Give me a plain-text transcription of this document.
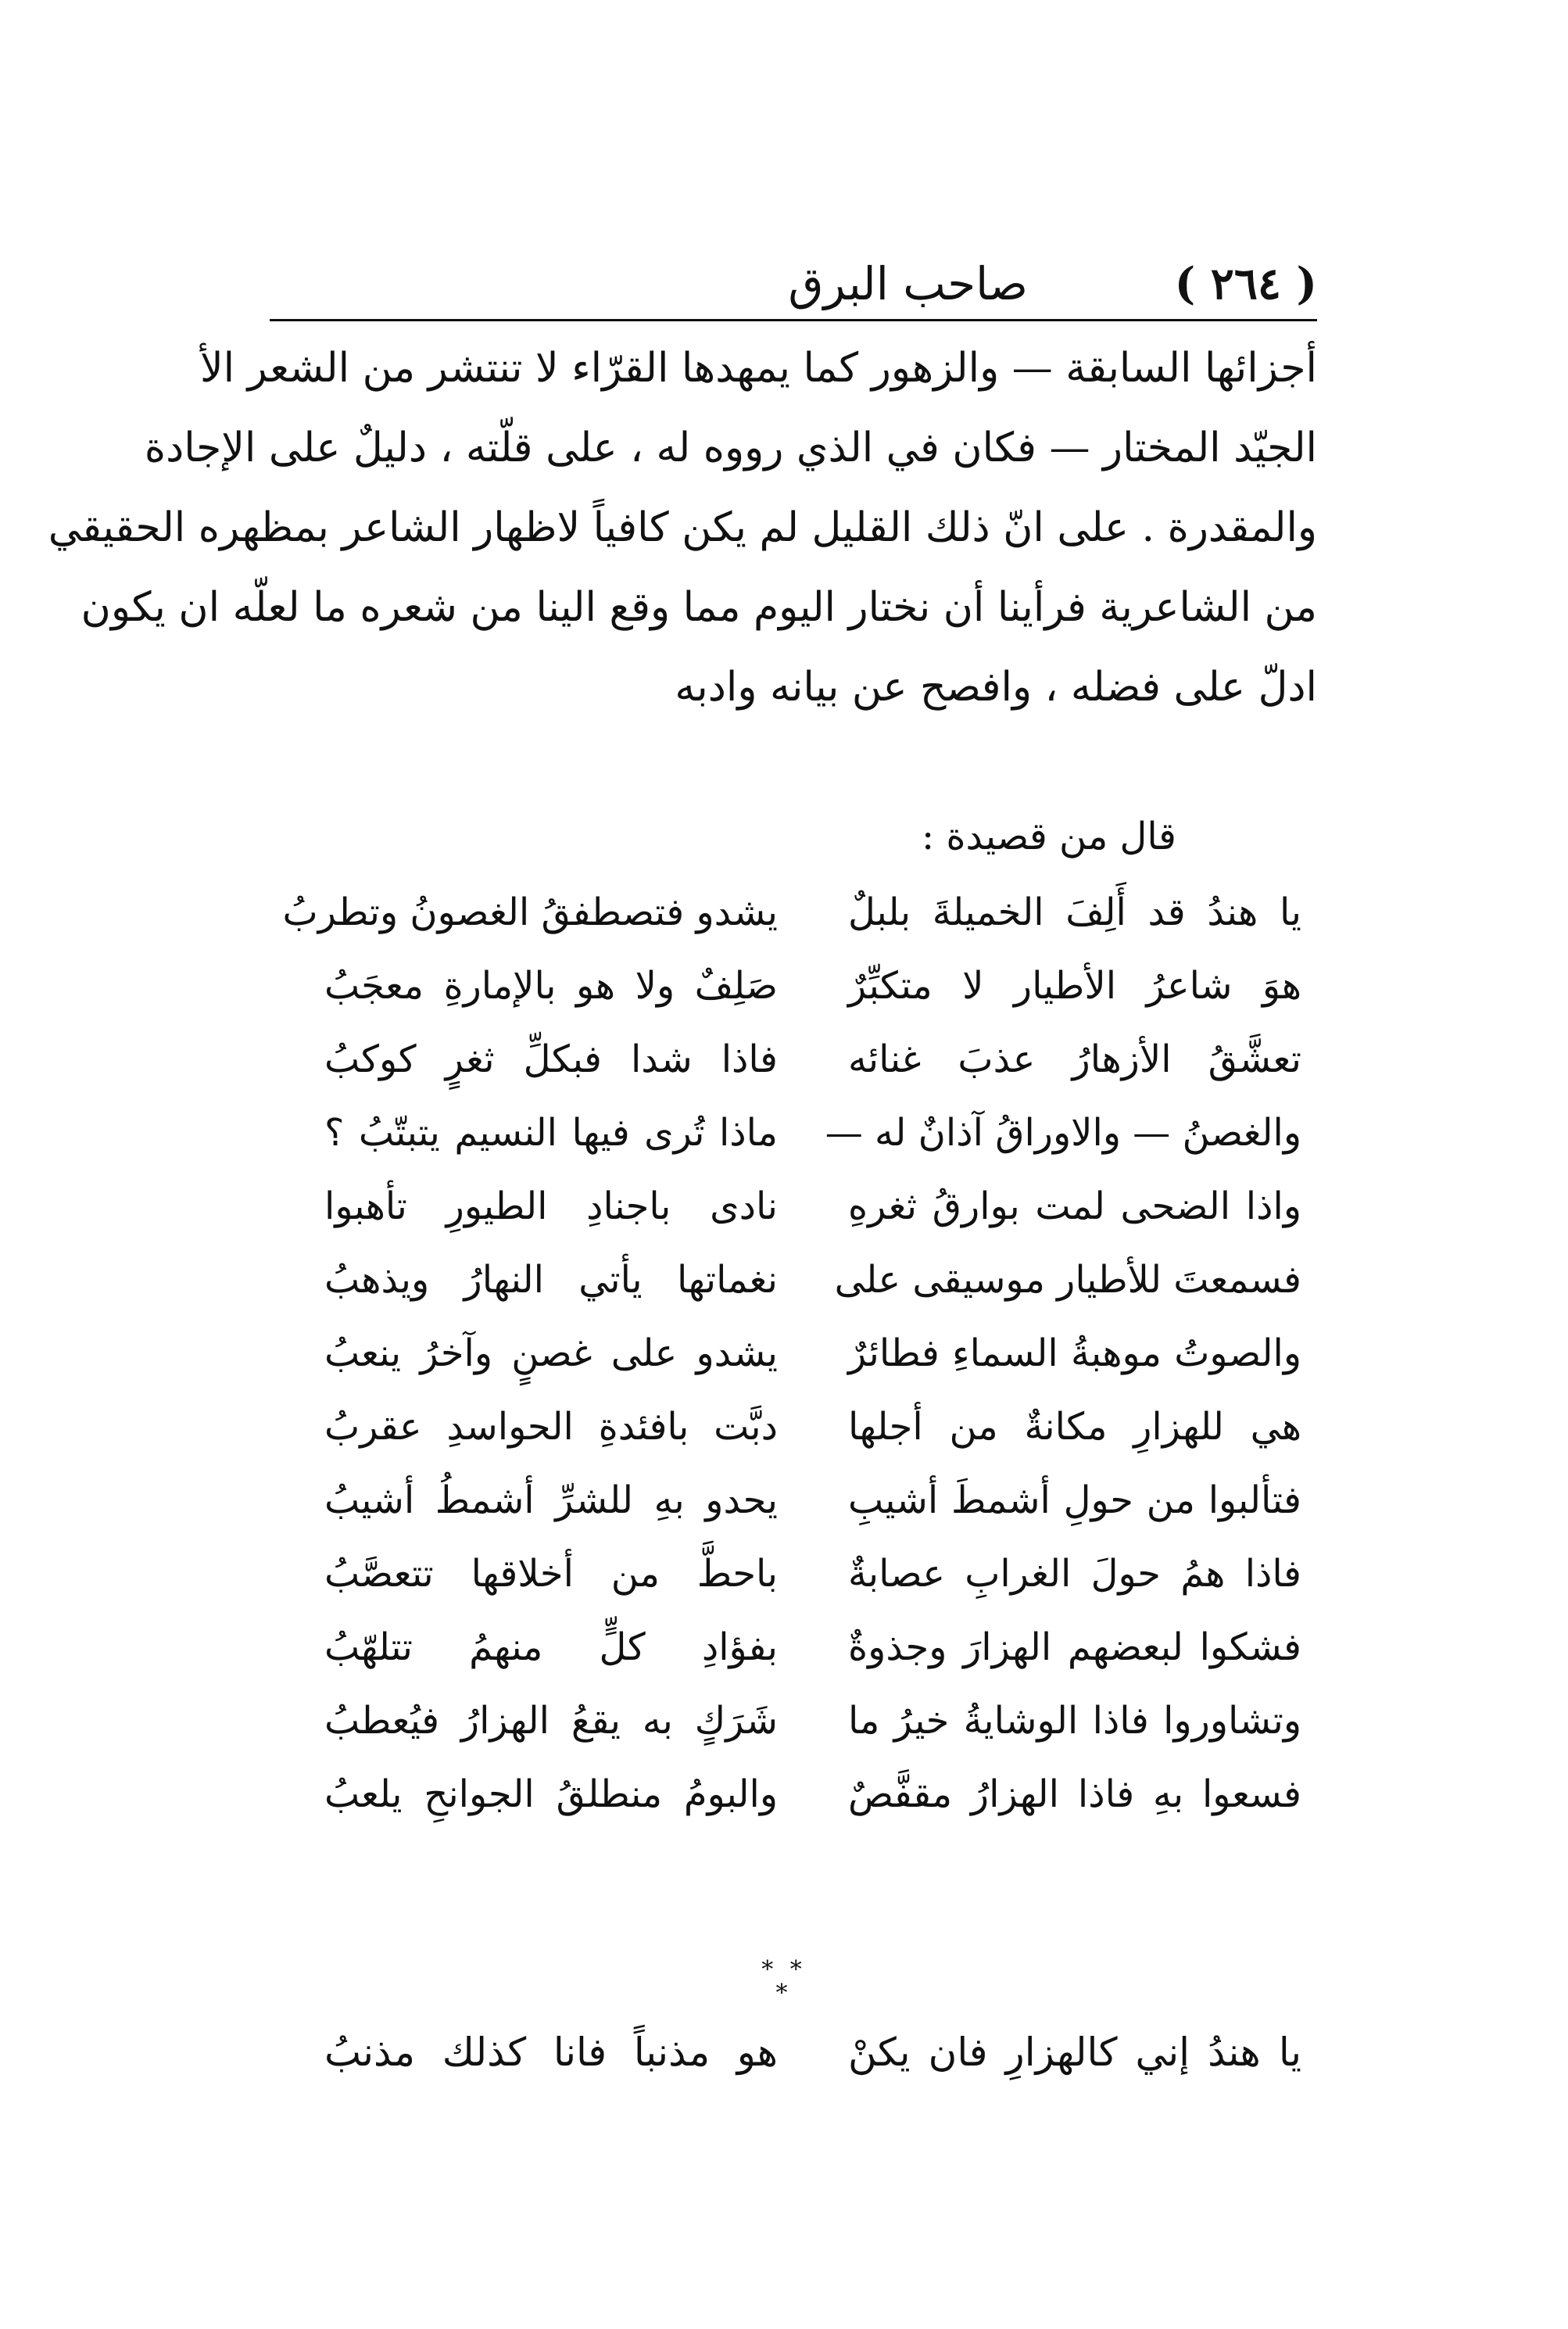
( ٢٦٤ )
صاحب البرق
أجزائها السابقة — والزهور كما يمهدها القرّاء لا تنتشر من الشعر الأ
الجيّد المختار — فكان في الذي رووه له ، على قلّته ، دليلٌ على الإجادة
والمقدرة . على انّ ذلك القليل لم يكن كافياً لاظهار الشاعر بمظهره الحقيقي
من الشاعرية فرأينا أن نختار اليوم مما وقع الينا من شعره ما لعلّه ان يكون
ادلّ على فضله ، وافصح عن بيانه وادبه
قال من قصيدة :
يا هندُ قد أَلِفَ الخميلةَ بلبلٌ
يشدو فتصطفقُ الغصونُ وتطربُ
هوَ شاعرُ الأطيار لا متكبِّرٌ
صَلِفٌ ولا هو بالإمارةِ معجَبُ
تعشَّقُ الأزهارُ عذبَ غنائه
فاذا شدا فبكلِّ ثغرٍ كوكبُ
والغصنُ — والاوراقُ آذانٌ له —
ماذا تُرى فيها النسيم يتبتّبُ ؟
واذا الضحى لمت بوارقُ ثغرهِ
نادى باجنادِ الطيورِ تأهبوا
فسمعتَ للأطيار موسيقى على
نغماتها يأتي النهارُ ويذهبُ
والصوتُ موهبةُ السماءِ فطائرٌ
يشدو على غصنٍ وآخرُ ينعبُ
هي للهزارِ مكانةٌ من أجلها
دبَّت بافئدةِ الحواسدِ عقربُ
فتألبوا من حولِ أشمطَ أشيبِ
يحدو بهِ للشرِّ أشمطُ أشيبُ
فاذا همُ حولَ الغرابِ عصابةٌ
باحطَّ من أخلاقها تتعصَّبُ
فشكوا لبعضهم الهزارَ وجذوةٌ
بفؤادِ كلٍّ منهمُ تتلهّبُ
وتشاوروا فاذا الوشايةُ خيرُ ما
شَرَكٍ به يقعُ الهزارُ فيُعطبُ
فسعوا بهِ فاذا الهزارُ مقفَّصٌ
والبومُ منطلقُ الجوانحِ يلعبُ
* * *
يا هندُ إني كالهزارِ فان يكنْ
هو مذنباً فانا كذلك مذنبُ
